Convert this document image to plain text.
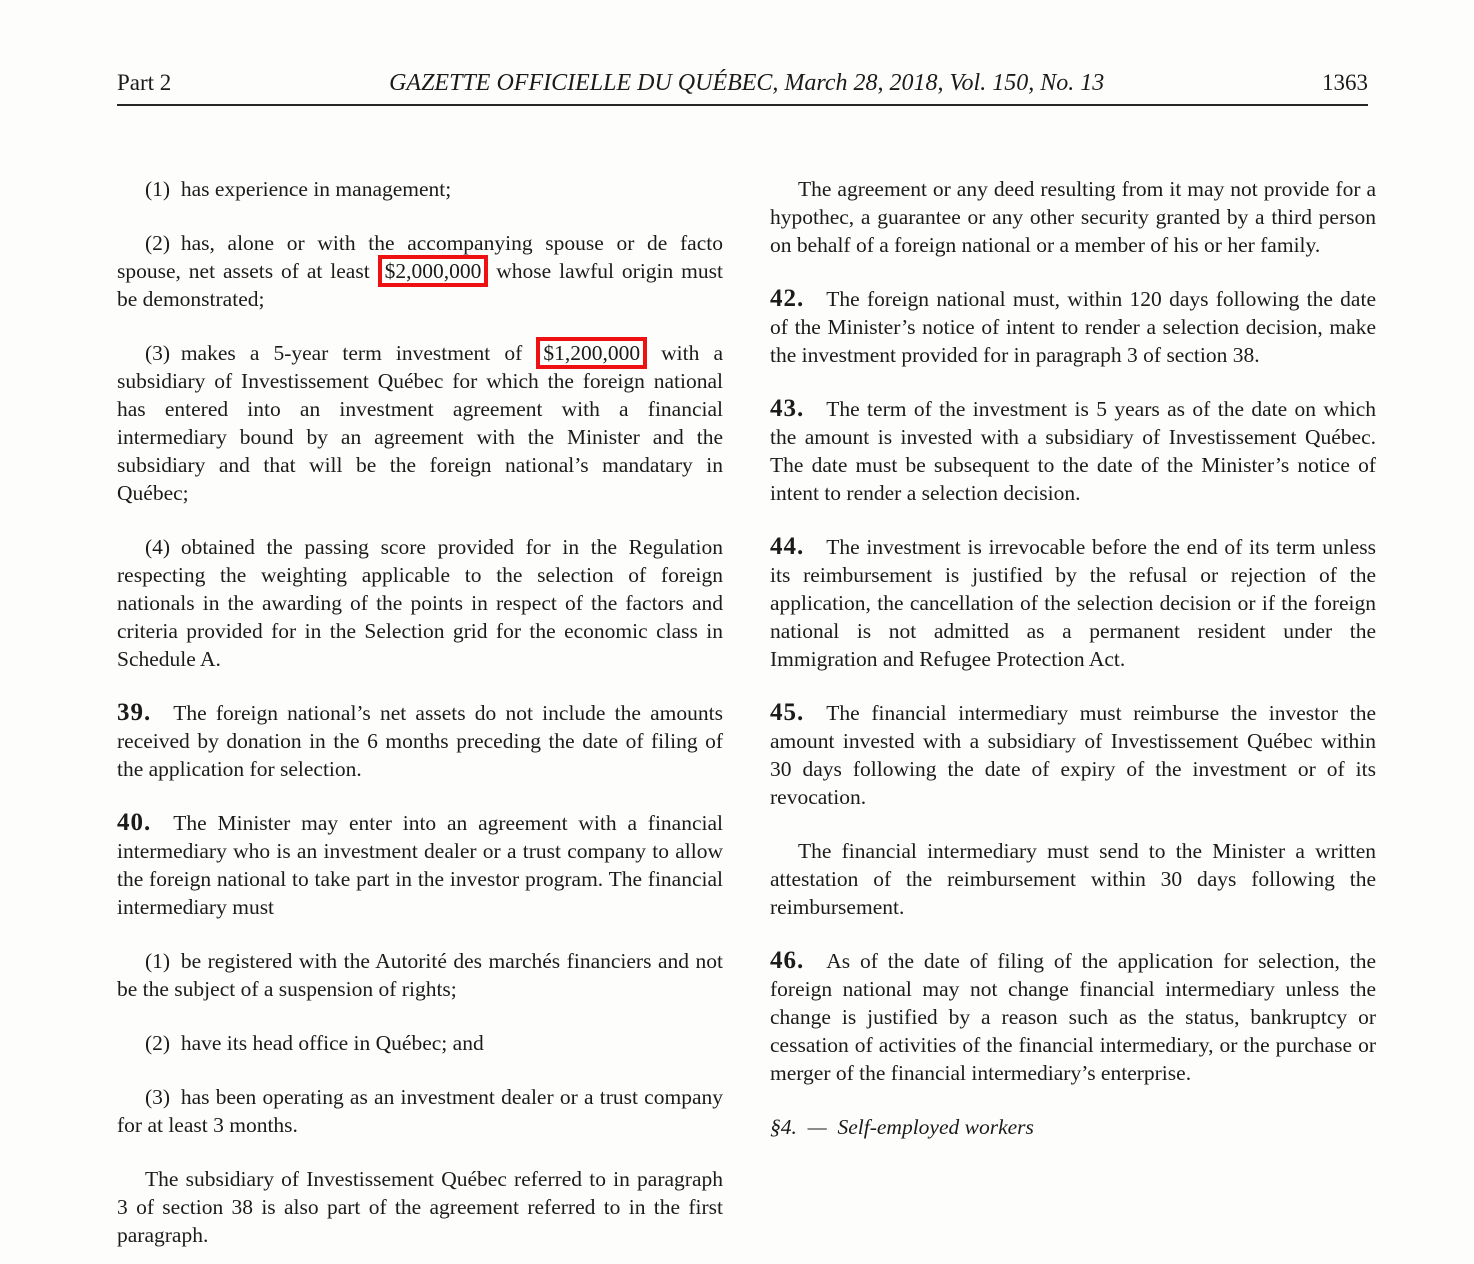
Part 2	GAZETTE OFFICIELLE DU QUÉBEC, March 28, 2018, Vol. 150, No. 13	1363

(1) has experience in management;

(2) has, alone or with the accompanying spouse or de facto spouse, net assets of at least $2,000,000 whose lawful origin must be demonstrated;

(3) makes a 5-year term investment of $1,200,000 with a subsidiary of Investissement Québec for which the foreign national has entered into an investment agreement with a financial intermediary bound by an agreement with the Minister and the subsidiary and that will be the foreign national’s mandatary in Québec;

(4) obtained the passing score provided for in the Regulation respecting the weighting applicable to the selection of foreign nationals in the awarding of the points in respect of the factors and criteria provided for in the Selection grid for the economic class in Schedule A.

39. The foreign national’s net assets do not include the amounts received by donation in the 6 months preceding the date of filing of the application for selection.

40. The Minister may enter into an agreement with a financial intermediary who is an investment dealer or a trust company to allow the foreign national to take part in the investor program. The financial intermediary must

(1) be registered with the Autorité des marchés financiers and not be the subject of a suspension of rights;

(2) have its head office in Québec; and

(3) has been operating as an investment dealer or a trust company for at least 3 months.

The subsidiary of Investissement Québec referred to in paragraph 3 of section 38 is also part of the agreement referred to in the first paragraph.

The agreement or any deed resulting from it may not provide for a hypothec, a guarantee or any other security granted by a third person on behalf of a foreign national or a member of his or her family.

42. The foreign national must, within 120 days following the date of the Minister’s notice of intent to render a selection decision, make the investment provided for in paragraph 3 of section 38.

43. The term of the investment is 5 years as of the date on which the amount is invested with a subsidiary of Investissement Québec. The date must be subsequent to the date of the Minister’s notice of intent to render a selection decision.

44. The investment is irrevocable before the end of its term unless its reimbursement is justified by the refusal or rejection of the application, the cancellation of the selection decision or if the foreign national is not admitted as a permanent resident under the Immigration and Refugee Protection Act.

45. The financial intermediary must reimburse the investor the amount invested with a subsidiary of Investissement Québec within 30 days following the date of expiry of the investment or of its revocation.

The financial intermediary must send to the Minister a written attestation of the reimbursement within 30 days following the reimbursement.

46. As of the date of filing of the application for selection, the foreign national may not change financial intermediary unless the change is justified by a reason such as the status, bankruptcy or cessation of activities of the financial intermediary, or the purchase or merger of the financial intermediary’s enterprise.

§4. — Self-employed workers
